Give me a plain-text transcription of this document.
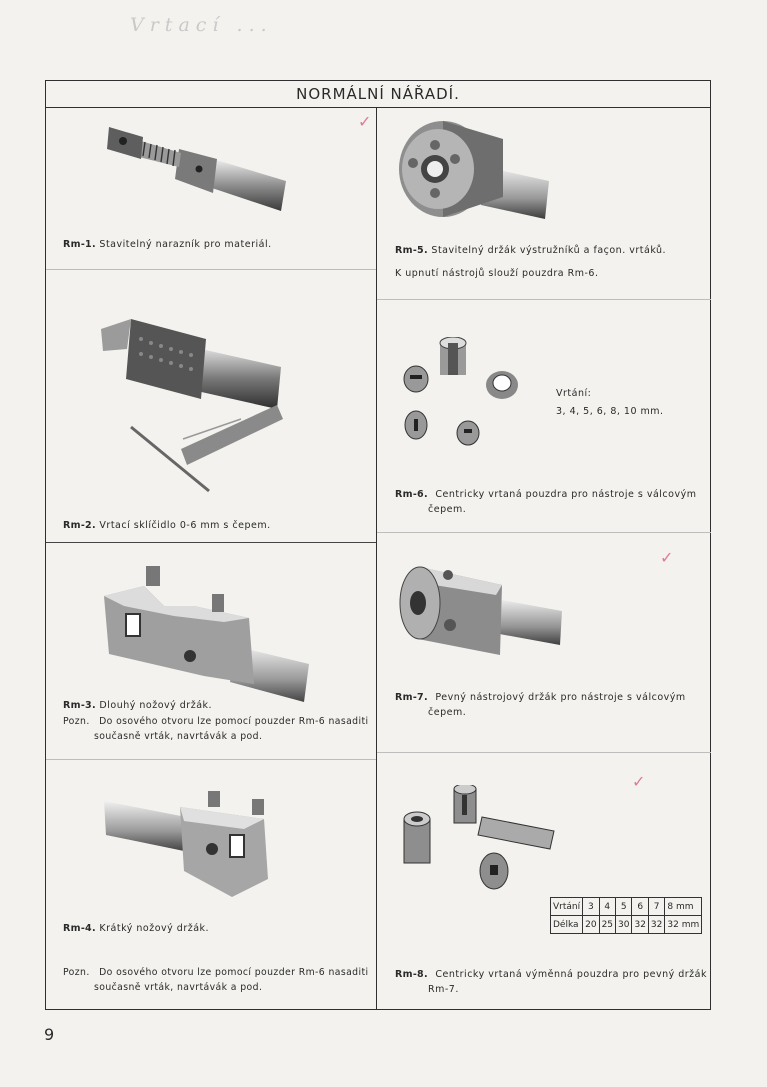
Vrtací ...
NORMÁLNÍ NÁŘADÍ.
Rm-1. Stavitelný narazník pro materiál.
Rm-2. Vrtací sklíčidlo 0-6 mm s čepem.
Rm-3. Dlouhý nožový držák.
Pozn. Do osového otvoru lze pomocí pouzder Rm-6 nasaditi
současně vrták, navrtávák a pod.
Rm-4. Krátký nožový držák.
Pozn. Do osového otvoru lze pomocí pouzder Rm-6 nasaditi
současně vrták, navrtávák a pod.
Rm-5. Stavitelný držák výstružníků a façon. vrtáků.
K upnutí nástrojů slouží pouzdra Rm-6.
Vrtání:
3, 4, 5, 6, 8, 10 mm.
Rm-6. Centricky vrtaná pouzdra pro nástroje s válcovým
čepem.
Rm-7. Pevný nástrojový držák pro nástroje s válcovým
čepem.
Vrtání	3	4	5	6	7	8 mm
Délka	20	25	30	32	32	32 mm
Rm-8. Centricky vrtaná výměnná pouzdra pro pevný držák
Rm-7.
✓
✓
✓
9
